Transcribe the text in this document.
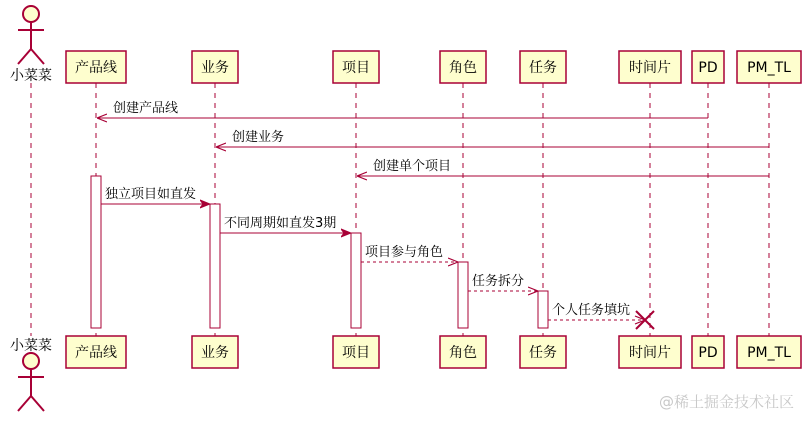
小菜菜
小菜菜
产品线	业务	项目	角色	任务	时间片 PD PM_TL
产品线	业务	项目	角色	任务	时间片 PD PM_TL
创建产品线
创建业务
创建单个项目
独立项目如直发
不同周期如直发3期
项目参与角色
任务拆分
个人任务填坑
@稀土掘金技术社区
